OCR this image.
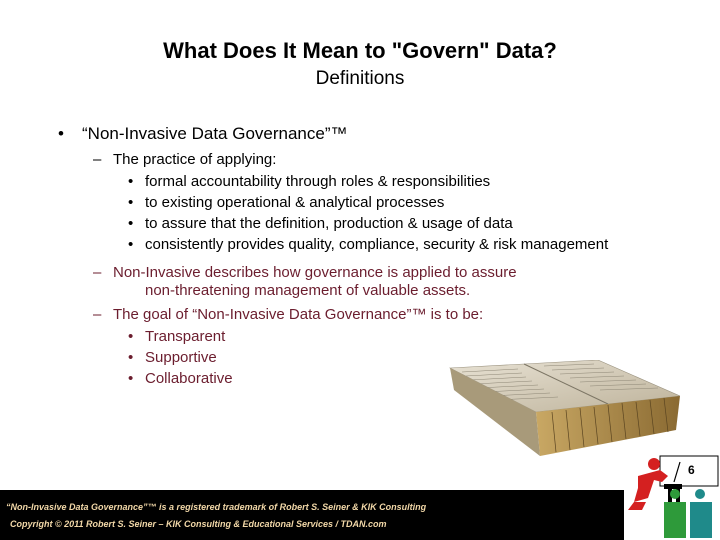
What Does It Mean to "Govern" Data?
Definitions
• “Non-Invasive Data Governance”™
– The practice of applying:
• formal accountability through roles & responsibilities
• to existing operational & analytical processes
• to assure that the definition, production & usage of data
• consistently provides quality, compliance, security & risk management
– Non-Invasive describes how governance is applied to assure
non-threatening management of valuable assets.
– The goal of “Non-Invasive Data Governance”™ is to be:
• Transparent
• Supportive
• Collaborative
“Non-Invasive Data Governance”™ is a registered trademark of Robert S. Seiner & KIK Consulting
Copyright © 2011 Robert S. Seiner – KIK Consulting & Educational Services / TDAN.com
6
